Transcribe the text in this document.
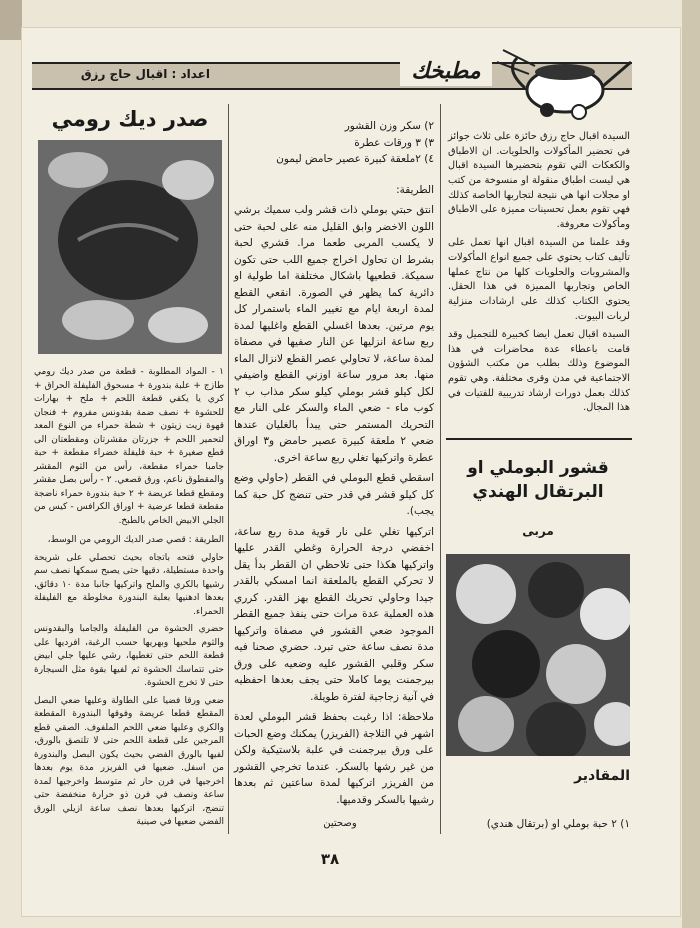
اعداد : اقبال حاج رزق	مطبخك

السيدة اقبال حاج رزق حائزة على ثلاث جوائز في تحضير المأكولات والحلويات. ان الاطباق والكعكات التي تقوم بتحضيرها السيدة اقبال هي ليست اطباق منقولة او منسوخة من كتب او مجلات انها هي نتيجة لتجاربها الخاصة كذلك فهي تقوم بعمل تحسينات مميزة على الاطباق ومأكولات معروفة.

وقد علمنا من السيدة اقبال انها تعمل على تأليف كتاب يحتوي على جميع انواع المأكولات والمشروبات والحلويات كلها من نتاج عملها الخاص وتجاربها المميزة في هذا الحقل. يحتوي الكتاب كذلك على ارشادات منزلية لربات البيوت.

السيدة اقبال تعمل ايضا كخبيرة للتجميل وقد قامت باعطاء عدة محاضرات في هذا الموضوع وذلك بطلب من مكتب الشؤون الاجتماعية في مدن وقرى مختلفة. وهي تقوم كذلك بعمل دورات ارشاد تدريبية للفتيات في هذا المجال.

قشور البوملي او البرتقال الهندي
مربى
المقادير
١) ٢ حبة بوملي او (برتقال هندي)

٢) سكر وزن القشور

٣) ٣ ورقات عطرة

٤) ٢ملعقة كبيرة عصير حامض ليمون

الطريقة:

انتق حبتي بوملي ذات قشر ولب سميك برشي اللون الاخضر وابق القليل منه على لحبة حتى لا يكسب المربى طعما مرا. قشري لحبة بشرط ان تحاول اخراج جميع اللب حتى تكون سميكة. قطعيها باشكال مختلفة اما طولية او دائرية كما يظهر في الصورة. انقعي القطع لمدة اربعة ايام مع تغيير الماء باستمرار كل يوم مرتين. بعدها اغسلي القطع واغليها لمدة ربع ساعة انزليها عن النار صفيها في مصفاة لمدة ساعة، لا تحاولي عصر القطع لانزال الماء منها. بعد مرور ساعة اوزني القطع واضيفي لكل كيلو قشر بوملي كيلو سكر مذاب ب ٢ كوب ماء - ضعي الماء والسكر على النار مع التحريك المستمر حتى يبدأ بالغليان عندها ضعي ٢ ملعقة كبيرة عصير حامض و٣ اوراق عطرة واتركيها تغلي ربع ساعة اخرى.

اسقطي قطع البوملي في القطر (حاولي وضع كل كيلو قشر في قدر حتى تنضج كل حبة كما يجب).

اتركيها تغلي على نار قوية مدة ربع ساعة، اخفضي درجة الحرارة وغطي القدر عليها واتركيها هكذا حتى تلاحظي ان القطر بدأ يقل لا تحركي القطع بالملعقة انما امسكي بالقدر جيدا وحاولي تحريك القطع بهز القدر. كرري هذه العملية عدة مرات حتى ينفذ جميع القطر الموجود ضعي القشور في مصفاة واتركيها مدة نصف ساعة حتى تبرد. حضري صحنا فيه سكر وقلبي القشور عليه وضعيه على ورق بيرجمنت يوما كاملا حتى يجف بعدها احفظيه في آنية زجاجية لفترة طويلة.

ملاحظة: اذا رغبت بحفظ قشر البوملي لعدة اشهر في الثلاجة (الفريزر) يمكنك وضع الحبات على ورق بيرجمنت في علبة بلاستيكية ولكن من غير رشها بالسكر. عندما تخرجي القشور من الفريزر اتركيها لمدة ساعتين ثم بعدها رشيها بالسكر وقدميها.

وصحتين
صدر ديك رومي

١ - المواد المطلوبة - قطعة من صدر ديك رومي طازج + علبة بندورة + مسحوق الفليفلة الحراق + كري يا يكفي قطعة اللحم + ملح + بهارات للحشوة + نصف ضمة بقدونس مفروم + فنجان قهوة زيت زيتون + شطة حمراء من النوع المعد لتحمير اللحم + جزرتان مقشرتان ومقطعتان الى قطع صغيرة + حبة فليفلة خضراء مقطعة + حبة جامبا حمراء مقطعة، رأس من الثوم المقشر والمقطوق ناعم، ورق قصعي. ٢ - رأس بصل مقشر ومقطع قطعا عريضة + ٢ حبة بندورة حمراء ناضجة مقطعة قطعا عرضية + اوراق الكرافس - كيس من الجلي الابيض الخاص بالطبخ.

الطريقة : قصي صدر الديك الرومي من الوسط،

حاولي فتحه باتجاه بحيث تحصلي على شريحة واحدة مستطيلة، دقيها حتى يصبح سمكها نصف سم رشيها بالكري والملح واتركيها جانبا مدة ١٠ دقائق، بعدها ادهنيها بعلبة البندورة مخلوطة مع الفليفلة الحمراء.

حضري الحشوة من الفليفلة والجامبا والبقدونس والثوم ملحيها وبهريها حسب الرغبة، افرديها على قطعة اللحم حتى تغطيها، رشي عليها جلي ابيض حتى تتماسك الحشوة ثم لفيها بقوة مثل السيجارة حتى لا تخرج الحشوة.

ضعي ورقا فضيا على الطاولة وعليها ضعي البصل المقطع قطعا عريضة وفوقها البندورة المقطعة والكري وعليها ضعي اللحم الملفوف. الصقي قطع المرجين على قطعة اللحم حتى لا تلتصق بالورق، لفيها بالورق الفضي بحيث يكون البصل والبندورة من اسفل. ضعيها في الفريزر مدة يوم بعدها اخرجيها في فرن حار ثم متوسط واخرجيها لمدة ساعة ونصف في فرن ذو حرارة منخفضة حتى تنضج، اتركيها بعدها نصف ساعة ازيلي الورق الفضي ضعيها في صينية

٣٨
